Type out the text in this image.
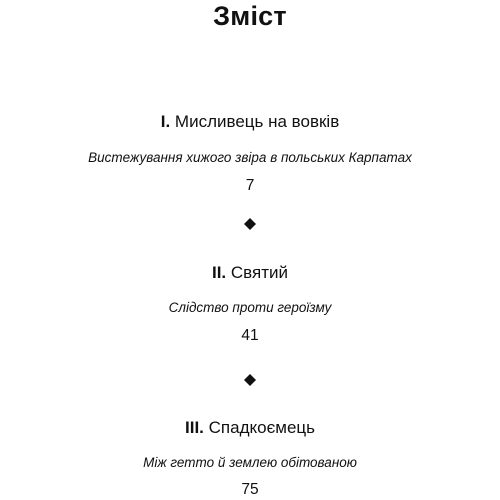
Зміст
I. Мисливець на вовків

Вистежування хижого звіра в польських Карпатах

7

II. Святий

Слідство проти героїзму

41

III. Спадкоємець

Між гетто й землею обітованою

75
